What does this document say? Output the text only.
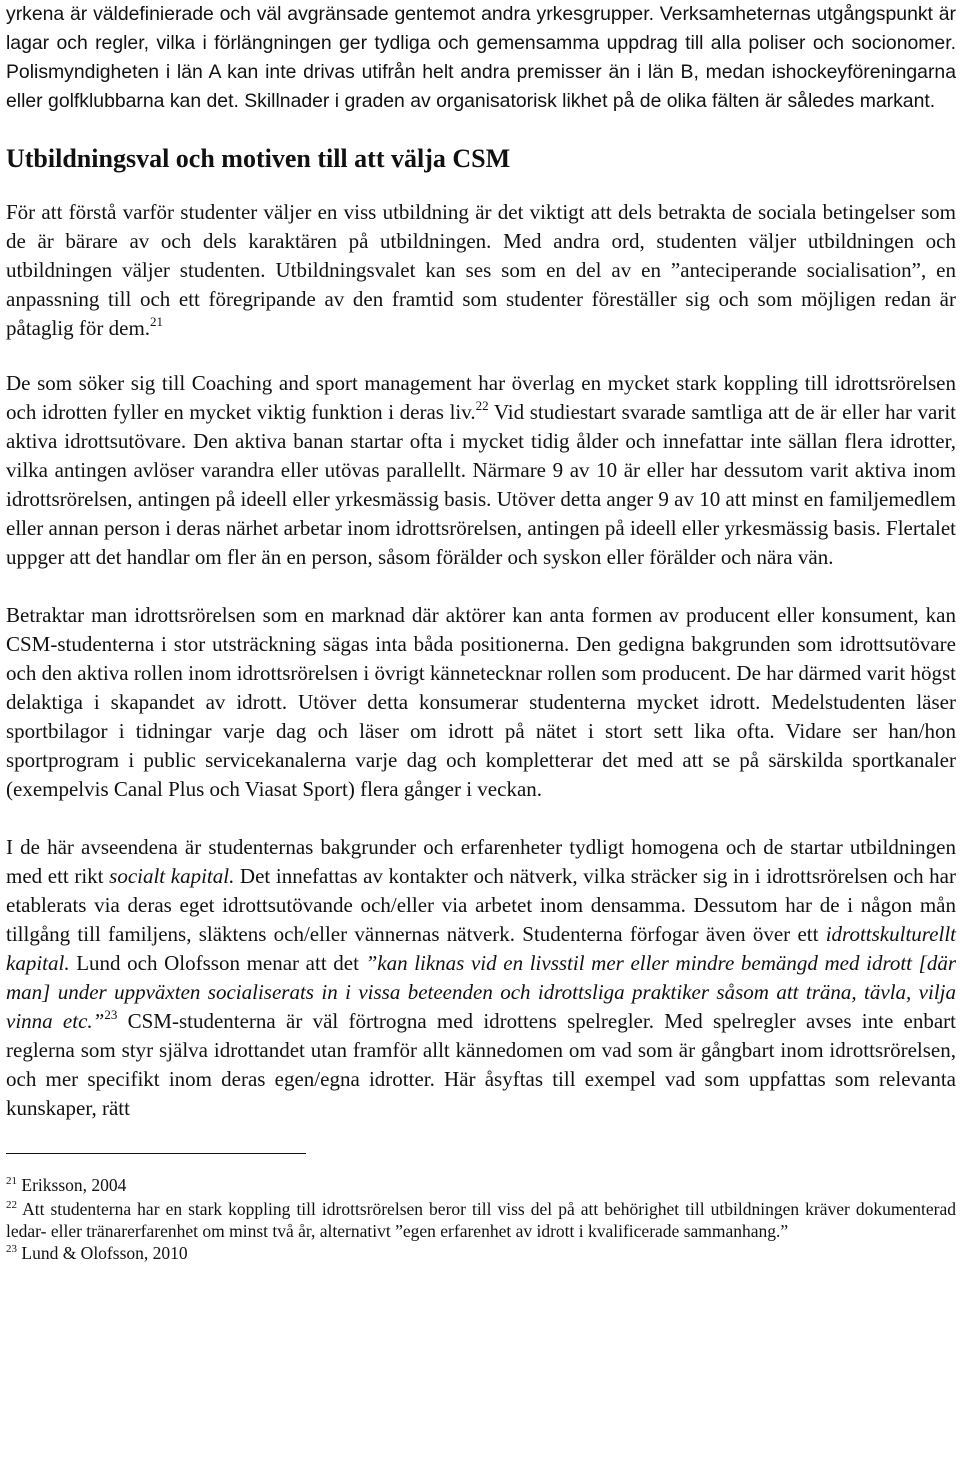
yrkena är väldefinierade och väl avgränsade gentemot andra yrkesgrupper. Verksamheternas utgångspunkt är lagar och regler, vilka i förlängningen ger tydliga och gemensamma uppdrag till alla poliser och socionomer. Polismyndigheten i län A kan inte drivas utifrån helt andra premisser än i län B, medan ishockeyföreningarna eller golfklubbarna kan det. Skillnader i graden av organisatorisk likhet på de olika fälten är således markant.

Utbildningsval och motiven till att välja CSM

För att förstå varför studenter väljer en viss utbildning är det viktigt att dels betrakta de sociala betingelser som de är bärare av och dels karaktären på utbildningen. Med andra ord, studenten väljer utbildningen och utbildningen väljer studenten. Utbildningsvalet kan ses som en del av en ”anteciperande socialisation”, en anpassning till och ett föregripande av den framtid som studenter föreställer sig och som möjligen redan är påtaglig för dem.$^{21}$

De som söker sig till Coaching and sport management har överlag en mycket stark koppling till idrottsrörelsen och idrotten fyller en mycket viktig funktion i deras liv.$^{22}$ Vid studiestart svarade samtliga att de är eller har varit aktiva idrottsutövare. Den aktiva banan startar ofta i mycket tidig ålder och innefattar inte sällan flera idrotter, vilka antingen avlöser varandra eller utövas parallellt. Närmare 9 av 10 är eller har dessutom varit aktiva inom idrottsrörelsen, antingen på ideell eller yrkesmässig basis. Utöver detta anger 9 av 10 att minst en familjemedlem eller annan person i deras närhet arbetar inom idrottsrörelsen, antingen på ideell eller yrkesmässig basis. Flertalet uppger att det handlar om fler än en person, såsom förälder och syskon eller förälder och nära vän.

Betraktar man idrottsrörelsen som en marknad där aktörer kan anta formen av producent eller konsument, kan CSM-studenterna i stor utsträckning sägas inta båda positionerna. Den gedigna bakgrunden som idrottsutövare och den aktiva rollen inom idrottsrörelsen i övrigt kännetecknar rollen som producent. De har därmed varit högst delaktiga i skapandet av idrott. Utöver detta konsumerar studenterna mycket idrott. Medelstudenten läser sportbilagor i tidningar varje dag och läser om idrott på nätet i stort sett lika ofta. Vidare ser han/hon sportprogram i public servicekanalerna varje dag och kompletterar det med att se på särskilda sportkanaler (exempelvis Canal Plus och Viasat Sport) flera gånger i veckan.

I de här avseendena är studenternas bakgrunder och erfarenheter tydligt homogena och de startar utbildningen med ett rikt socialt kapital. Det innefattas av kontakter och nätverk, vilka sträcker sig in i idrottsrörelsen och har etablerats via deras eget idrottsutövande och/eller via arbetet inom densamma. Dessutom har de i någon mån tillgång till familjens, släktens och/eller vännernas nätverk. Studenterna förfogar även över ett idrottskulturellt kapital. Lund och Olofsson menar att det ”kan liknas vid en livsstil mer eller mindre bemängd med idrott [där man] under uppväxten socialiserats in i vissa beteenden och idrottsliga praktiker såsom att träna, tävla, vilja vinna etc.”$^{23}$ CSM-studenterna är väl förtrogna med idrottens spelregler. Med spelregler avses inte enbart reglerna som styr själva idrottandet utan framför allt kännedomen om vad som är gångbart inom idrottsrörelsen, och mer specifikt inom deras egen/egna idrotter. Här åsyftas till exempel vad som uppfattas som relevanta kunskaper, rätt

$^{21}$ Eriksson, 2004

$^{22}$ Att studenterna har en stark koppling till idrottsrörelsen beror till viss del på att behörighet till utbildningen kräver dokumenterad ledar- eller tränarerfarenhet om minst två år, alternativt ”egen erfarenhet av idrott i kvalificerade sammanhang.”

$^{23}$ Lund & Olofsson, 2010
